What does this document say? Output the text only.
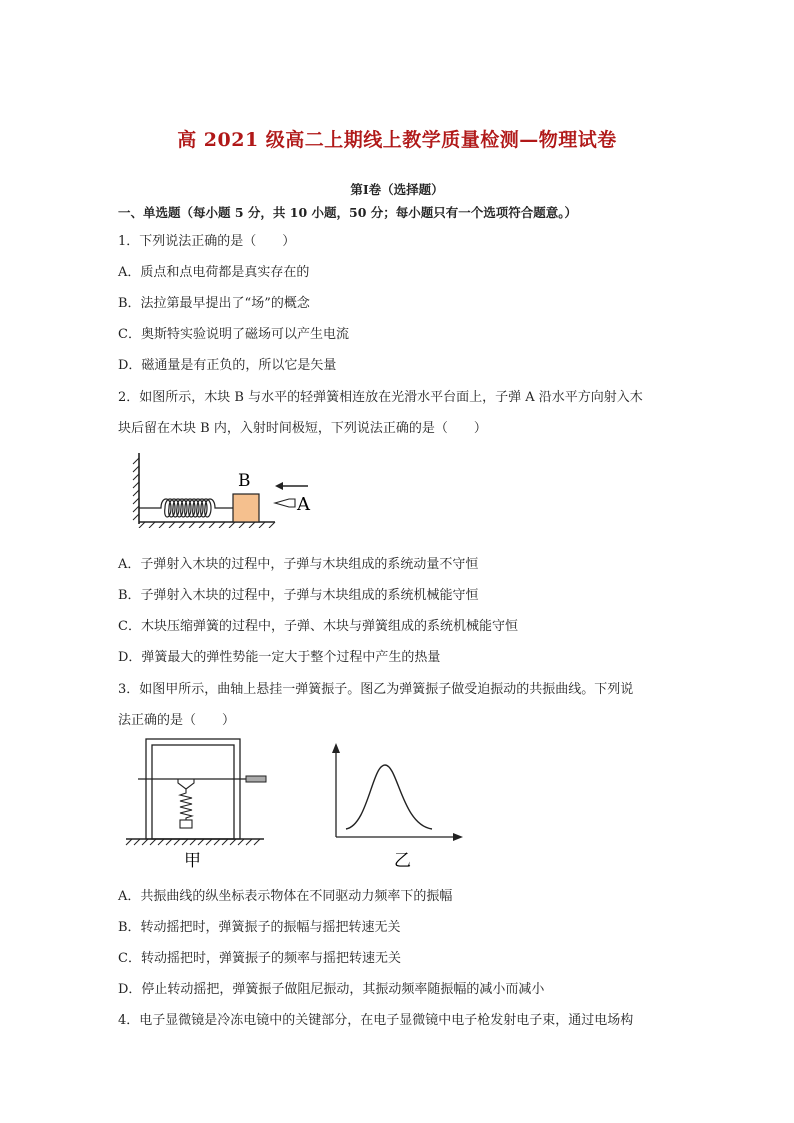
高 2021 级高二上期线上教学质量检测—物理试卷
第Ⅰ卷（选择题）
一、单选题（每小题 5 分，共 10 小题，50 分；每小题只有一个选项符合题意。）
1．下列说法正确的是（　　）
A．质点和点电荷都是真实存在的
B．法拉第最早提出了“场”的概念
C．奥斯特实验说明了磁场可以产生电流
D．磁通量是有正负的，所以它是矢量
2．如图所示，木块 B 与水平的轻弹簧相连放在光滑水平台面上，子弹 A 沿水平方向射入木
块后留在木块 B 内，入射时间极短，下列说法正确的是（　　）
B
A
A．子弹射入木块的过程中，子弹与木块组成的系统动量不守恒
B．子弹射入木块的过程中，子弹与木块组成的系统机械能守恒
C．木块压缩弹簧的过程中，子弹、木块与弹簧组成的系统机械能守恒
D．弹簧最大的弹性势能一定大于整个过程中产生的热量
3．如图甲所示，曲轴上悬挂一弹簧振子。图乙为弹簧振子做受迫振动的共振曲线。下列说
法正确的是（　　）
甲	乙
A．共振曲线的纵坐标表示物体在不同驱动力频率下的振幅
B．转动摇把时，弹簧振子的振幅与摇把转速无关
C．转动摇把时，弹簧振子的频率与摇把转速无关
D．停止转动摇把，弹簧振子做阻尼振动，其振动频率随振幅的减小而减小
4．电子显微镜是冷冻电镜中的关键部分，在电子显微镜中电子枪发射电子束，通过电场构
